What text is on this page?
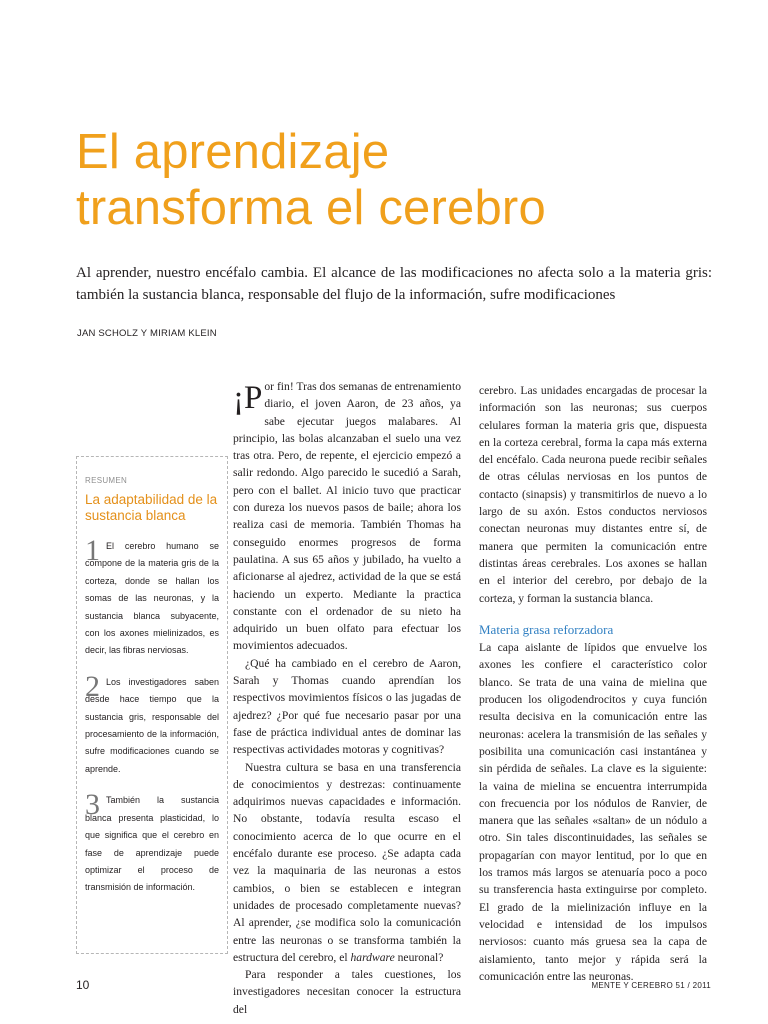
El aprendizaje
transforma el cerebro
Al aprender, nuestro encéfalo cambia. El alcance de las modificaciones no afecta solo a la materia gris: también la sustancia blanca, responsable del flujo de la información, sufre modificaciones
JAN SCHOLZ Y MIRIAM KLEIN
RESUMEN
La adaptabilidad de la sustancia blanca
1 El cerebro humano se compone de la materia gris de la corteza, donde se hallan los somas de las neuronas, y la sustancia blanca subyacente, con los axones mielinizados, es decir, las fibras nerviosas.
2 Los investigadores saben desde hace tiempo que la sustancia gris, responsable del procesamiento de la información, sufre modificaciones cuando se aprende.
3 También la sustancia blanca presenta plasticidad, lo que significa que el cerebro en fase de aprendizaje puede optimizar el proceso de transmisión de información.

¡P or fin! Tras dos semanas de entrenamiento diario, el joven Aaron, de 23 años, ya sabe ejecutar juegos malabares. Al principio, las bolas alcanzaban el suelo una vez tras otra. Pero, de repente, el ejercicio empezó a salir redondo. Algo parecido le sucedió a Sarah, pero con el ballet. Al inicio tuvo que practicar con dureza los nuevos pasos de baile; ahora los realiza casi de memoria. También Thomas ha conseguido enormes progresos de forma paulatina. A sus 65 años y jubilado, ha vuelto a aficionarse al ajedrez, actividad de la que se está haciendo un experto. Mediante la practica constante con el ordenador de su nieto ha adquirido un buen olfato para efectuar los movimientos adecuados.

¿Qué ha cambiado en el cerebro de Aaron, Sarah y Thomas cuando aprendían los respectivos movimientos físicos o las jugadas de ajedrez? ¿Por qué fue necesario pasar por una fase de práctica individual antes de dominar las respectivas actividades motoras y cognitivas?

Nuestra cultura se basa en una transferencia de conocimientos y destrezas: continuamente adquirimos nuevas capacidades e información. No obstante, todavía resulta escaso el conocimiento acerca de lo que ocurre en el encéfalo durante ese proceso. ¿Se adapta cada vez la maquinaria de las neuronas a estos cambios, o bien se establecen e integran unidades de procesado completamente nuevas? Al aprender, ¿se modifica solo la comunicación entre las neuronas o se transforma también la estructura del cerebro, el hardware neuronal?

Para responder a tales cuestiones, los investigadores necesitan conocer la estructura del

cerebro. Las unidades encargadas de procesar la información son las neuronas; sus cuerpos celulares forman la materia gris que, dispuesta en la corteza cerebral, forma la capa más externa del encéfalo. Cada neurona puede recibir señales de otras células nerviosas en los puntos de contacto (sinapsis) y transmitirlos de nuevo a lo largo de su axón. Estos conductos nerviosos conectan neuronas muy distantes entre sí, de manera que permiten la comunicación entre distintas áreas cerebrales. Los axones se hallan en el interior del cerebro, por debajo de la corteza, y forman la sustancia blanca.

Materia grasa reforzadora

La capa aislante de lípidos que envuelve los axones les confiere el característico color blanco. Se trata de una vaina de mielina que producen los oligodendrocitos y cuya función resulta decisiva en la comunicación entre las neuronas: acelera la transmisión de las señales y posibilita una comunicación casi instantánea y sin pérdida de señales. La clave es la siguiente: la vaina de mielina se encuentra interrumpida con frecuencia por los nódulos de Ranvier, de manera que las señales «saltan» de un nódulo a otro. Sin tales discontinuidades, las señales se propagarían con mayor lentitud, por lo que en los tramos más largos se atenuaría poco a poco su transferencia hasta extinguirse por completo. El grado de la mielinización influye en la velocidad e intensidad de los impulsos nerviosos: cuanto más gruesa sea la capa de aislamiento, tanto mejor y rápida será la comunicación entre las neuronas.

10	MENTE Y CEREBRO 51 / 2011
